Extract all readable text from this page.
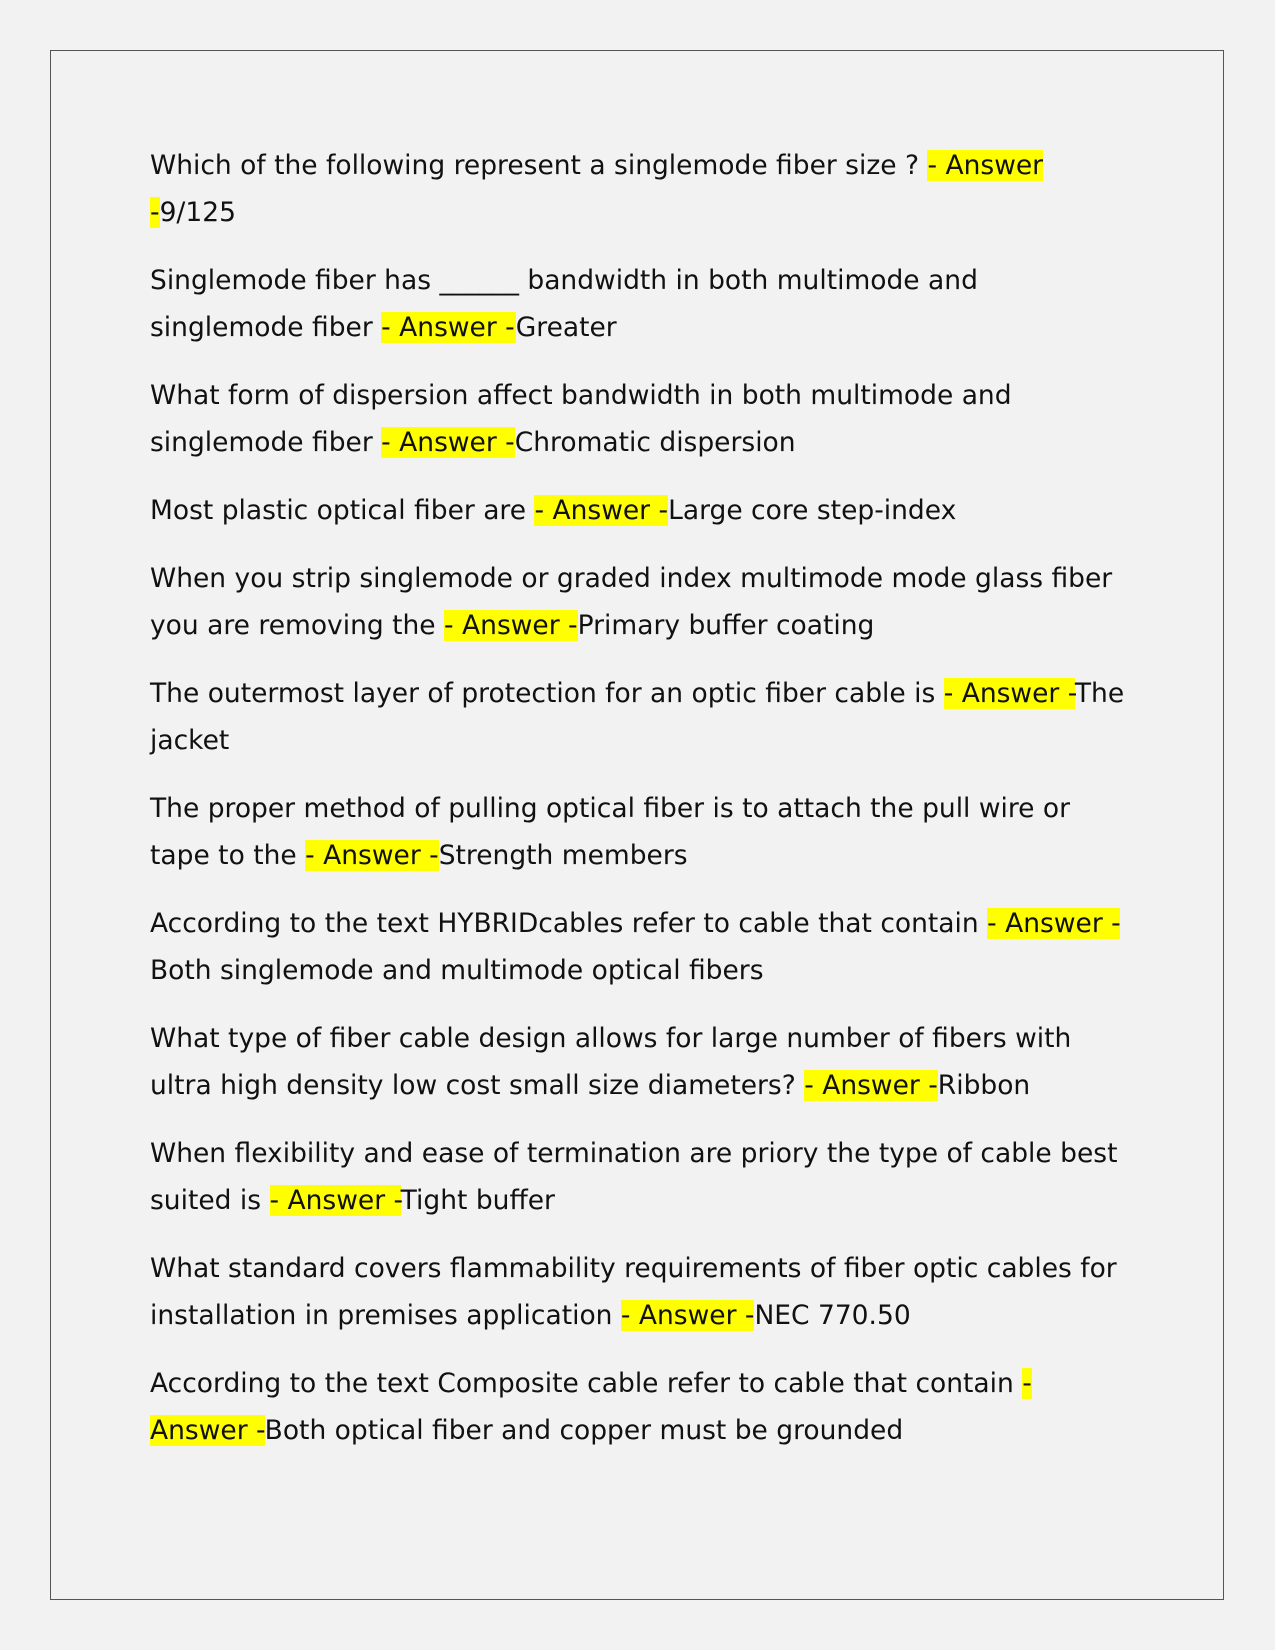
Which of the following represent a singlemode fiber size ? - Answer -9/125

Singlemode fiber has ______ bandwidth in both multimode and singlemode fiber - Answer -Greater

What form of dispersion affect bandwidth in both multimode and singlemode fiber - Answer -Chromatic dispersion

Most plastic optical fiber are - Answer -Large core step-index

When you strip singlemode or graded index multimode mode glass fiber you are removing the - Answer -Primary buffer coating

The outermost layer of protection for an optic fiber cable is - Answer -The jacket

The proper method of pulling optical fiber is to attach the pull wire or tape to the - Answer -Strength members

According to the text HYBRIDcables refer to cable that contain - Answer -Both singlemode and multimode optical fibers

What type of fiber cable design allows for large number of fibers with ultra high density low cost small size diameters? - Answer -Ribbon

When flexibility and ease of termination are priory the type of cable best suited is - Answer -Tight buffer

What standard covers flammability requirements of fiber optic cables for installation in premises application - Answer -NEC 770.50

According to the text Composite cable refer to cable that contain - Answer -Both optical fiber and copper must be grounded
